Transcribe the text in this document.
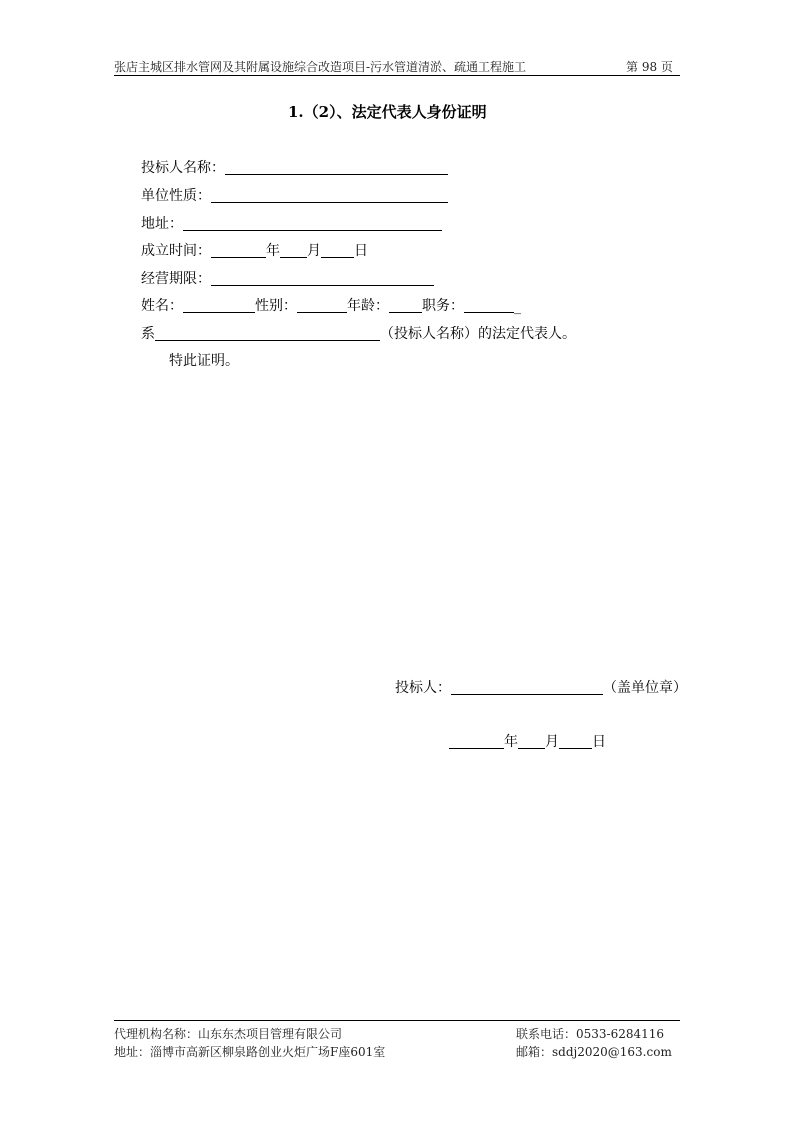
张店主城区排水管网及其附属设施综合改造项目-污水管道清淤、疏通工程施工	第 98 页
1.（2）、法定代表人身份证明
投标人名称：
单位性质：
地址：
成立时间：	年 月 日
经营期限：
姓名：	性别：	年龄： 职务：	_
系	（投标人名称）的法定代表人。
特此证明。
投标人：	（盖单位章）
年 月 日
代理机构名称：山东东杰项目管理有限公司	联系电话：0533-6284116
地址：淄博市高新区柳泉路创业火炬广场F座601室	邮箱：sddj2020@163.com
